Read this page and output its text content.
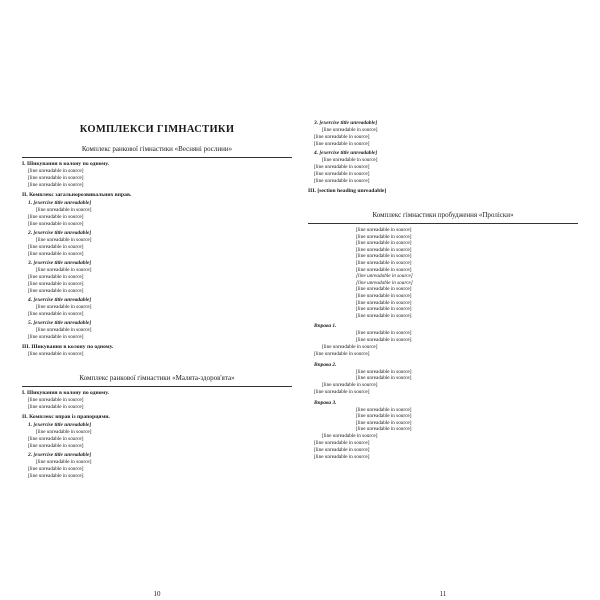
КОМПЛЕКСИ ГІМНАСТИКИ
Комплекс ранкової гімнастики «Весняні рослини»
І. Шикування в колону по одному.
[line unreadable in source]
[line unreadable in source]
[line unreadable in source]
ІІ. Комплекс загальнорозвивальних вправ.
1. [exercise title unreadable]
[line unreadable in source]
[line unreadable in source]
[line unreadable in source]
2. [exercise title unreadable]
[line unreadable in source]
[line unreadable in source]
[line unreadable in source]
3. [exercise title unreadable]
[line unreadable in source]
[line unreadable in source]
[line unreadable in source]
[line unreadable in source]
4. [exercise title unreadable]
[line unreadable in source]
[line unreadable in source]
5. [exercise title unreadable]
[line unreadable in source]
[line unreadable in source]
ІІІ. Шикування в колону по одному.
[line unreadable in source]
Комплекс ранкової гімнастики «Малята-здоров'ята»
І. Шикування в колону по одному.
[line unreadable in source]
[line unreadable in source]
ІІ. Комплекс вправ із прапорцями.
1. [exercise title unreadable]
[line unreadable in source]
[line unreadable in source]
[line unreadable in source]
2. [exercise title unreadable]
[line unreadable in source]
[line unreadable in source]
[line unreadable in source]
10
3. [exercise title unreadable]
[line unreadable in source]
[line unreadable in source]
[line unreadable in source]
4. [exercise title unreadable]
[line unreadable in source]
[line unreadable in source]
[line unreadable in source]
[line unreadable in source]
ІІІ. [section heading unreadable]
Комплекс гімнастики пробудження «Пролiски»
[line unreadable in source]
[line unreadable in source]
[line unreadable in source]
[line unreadable in source]
[line unreadable in source]
[line unreadable in source]
[line unreadable in source]
[line unreadable in source]
[line unreadable in source]
[line unreadable in source]
[line unreadable in source]
[line unreadable in source]
[line unreadable in source]
[line unreadable in source]
Вправа 1.
[line unreadable in source]
[line unreadable in source]
[line unreadable in source]
[line unreadable in source]
Вправа 2.
[line unreadable in source]
[line unreadable in source]
[line unreadable in source]
[line unreadable in source]
Вправа 3.
[line unreadable in source]
[line unreadable in source]
[line unreadable in source]
[line unreadable in source]
[line unreadable in source]
[line unreadable in source]
[line unreadable in source]
[line unreadable in source]
11
